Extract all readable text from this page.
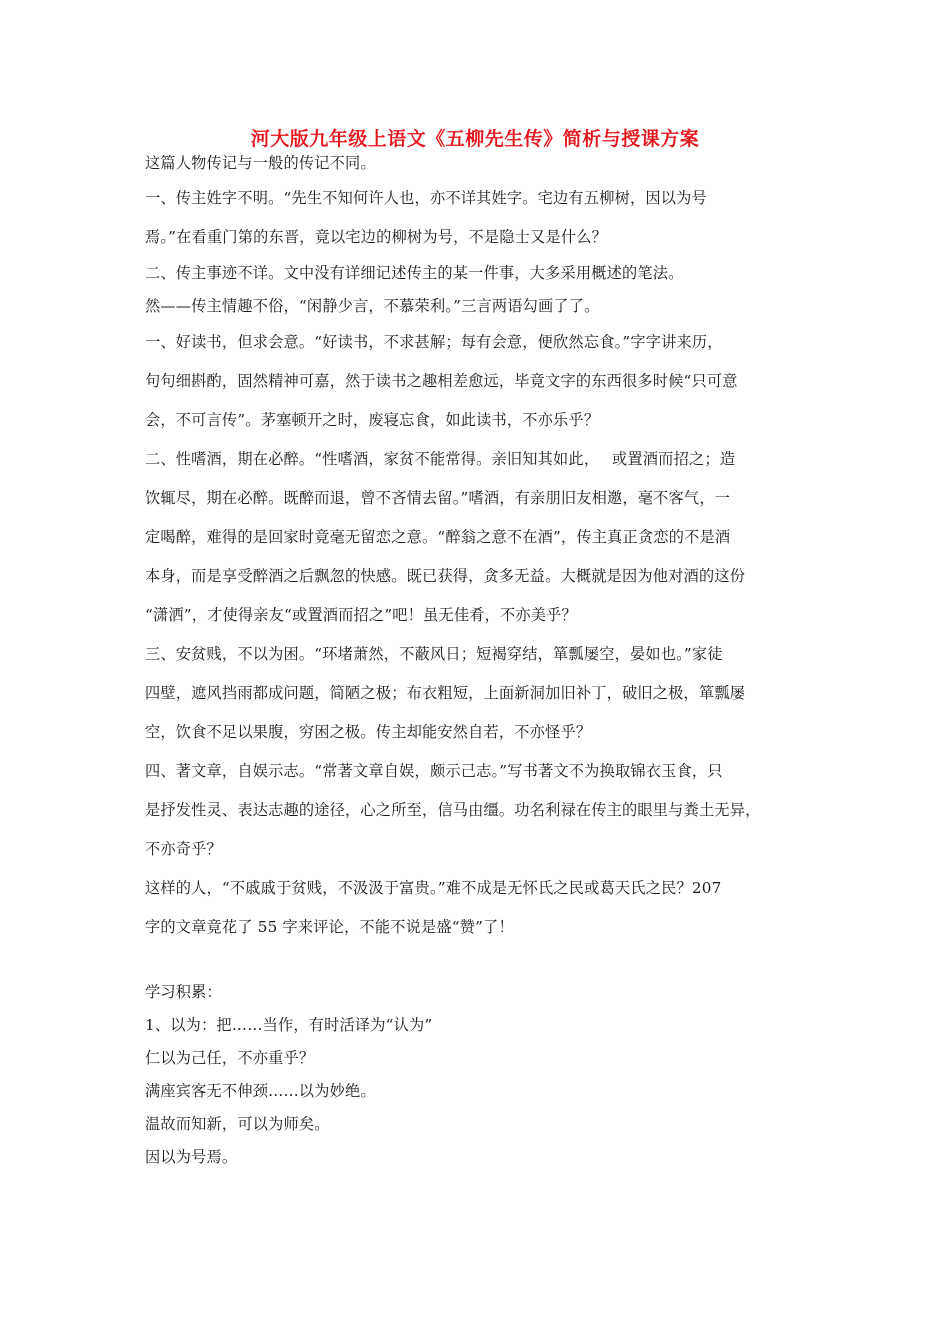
河大版九年级上语文《五柳先生传》简析与授课方案
这篇人物传记与一般的传记不同。
一、传主姓字不明。“先生不知何许人也，亦不详其姓字。宅边有五柳树，因以为号
焉。”在看重门第的东晋，竟以宅边的柳树为号，不是隐士又是什么？
二、传主事迹不详。文中没有详细记述传主的某一件事，大多采用概述的笔法。
然——传主情趣不俗，“闲静少言，不慕荣利。”三言两语勾画了了。
一、好读书，但求会意。“好读书，不求甚解；每有会意，便欣然忘食。”字字讲来历，
句句细斟酌，固然精神可嘉，然于读书之趣相差愈远，毕竟文字的东西很多时候“只可意
会，不可言传”。茅塞顿开之时，废寝忘食，如此读书，不亦乐乎？
二、性嗜酒，期在必醉。“性嗜酒，家贫不能常得。亲旧知其如此，　 或置酒而招之；造
饮辄尽，期在必醉。既醉而退，曾不吝情去留。”嗜酒，有亲朋旧友相邀，毫不客气，一
定喝醉，难得的是回家时竟毫无留恋之意。“醉翁之意不在酒”，传主真正贪恋的不是酒
本身，而是享受醉酒之后飘忽的快感。既已获得，贪多无益。大概就是因为他对酒的这份
“潇洒”，才使得亲友“或置酒而招之”吧！虽无佳肴，不亦美乎？
三、安贫贱，不以为困。“环堵萧然，不蔽风日；短褐穿结，箪瓢屡空，晏如也。”家徒
四壁，遮风挡雨都成问题，简陋之极；布衣粗短，上面新洞加旧补丁，破旧之极，箪瓢屡
空，饮食不足以果腹，穷困之极。传主却能安然自若，不亦怪乎？
四、著文章，自娱示志。“常著文章自娱，颇示己志。”写书著文不为换取锦衣玉食，只
是抒发性灵、表达志趣的途径，心之所至，信马由缰。功名利禄在传主的眼里与粪土无异，
不亦奇乎？
这样的人，“不戚戚于贫贱，不汲汲于富贵。”难不成是无怀氏之民或葛天氏之民？207
字的文章竟花了 55 字来评论，不能不说是盛“赞”了！
学习积累：
1、以为：把……当作，有时活译为“认为”
仁以为己任，不亦重乎？
满座宾客无不伸颈……以为妙绝。
温故而知新，可以为师矣。
因以为号焉。
